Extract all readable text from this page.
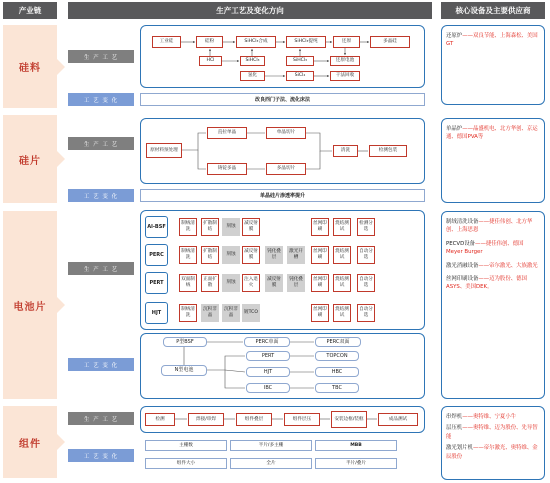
产业链	生产工艺及变化方向	核心设备及主要供应商
硅料
硅片
电池片
组件
生 产 工 艺
工 艺 变 化
工业硅	硅粉	SiHCl₃合成	SiHCl₃提纯	还原	多晶硅
HCl	SiHCl₃	SiHCl₃	还原电池
氢化	SiCl₄	干法回收
改良西门子法、流化床法

还原炉——双良节能、上海森松、美国GT

生 产 工 艺
工 艺 变 化
原材料预处理
直拉单晶	单晶切片
铸锭多晶	多晶切片
清洗	检测包装
单晶硅片渗透率提升

单晶炉——晶盛机电、北方华创、京运通、德国PVA等

生 产 工 艺
工 艺 变 化
Al-BSF
制绒清洗
扩散制结
刻蚀
减反射膜
丝网印刷
烧结测试
检测分选
PERC
制绒清洗
扩散制结
刻蚀
减反射膜
钝化叠层
激光开槽
丝网印刷
烧结测试
自动分选
PERT
双面制绒
正面扩散
刻蚀
注入退火
减反射膜
钝化叠层
丝网印刷
烧结测试
自动分选
HJT
制绒清洗
沉积非晶
沉积非晶
镀TCO
丝网印刷
烧结测试
自动分选
P型BSF	PERC单面	PERC双面
N型电池
PERT	TOPCON
HJT	HBC
IBC	TBC

制绒清洗设备——捷佳伟创、北方华创、上海思恩

PECVD设备——捷佳伟创、德国Meyer Burger

激光消融设备——帝尔激光、大族激光

丝网印刷设备——迈为股份、德国ASYS、美国DEK。

生 产 工 艺
工 艺 变 化
检测	焊接/串焊	组件叠层	组件层压	安装边框/装框	成品测试
主栅数	半片/多主栅	MBB
组件大小	全片	半片/叠片

串焊机——奥特维、宁夏小牛

层压机——奥特维、迈为股份、先导智能

激光划片机——帝尔激光、奥特维、金辰股份
